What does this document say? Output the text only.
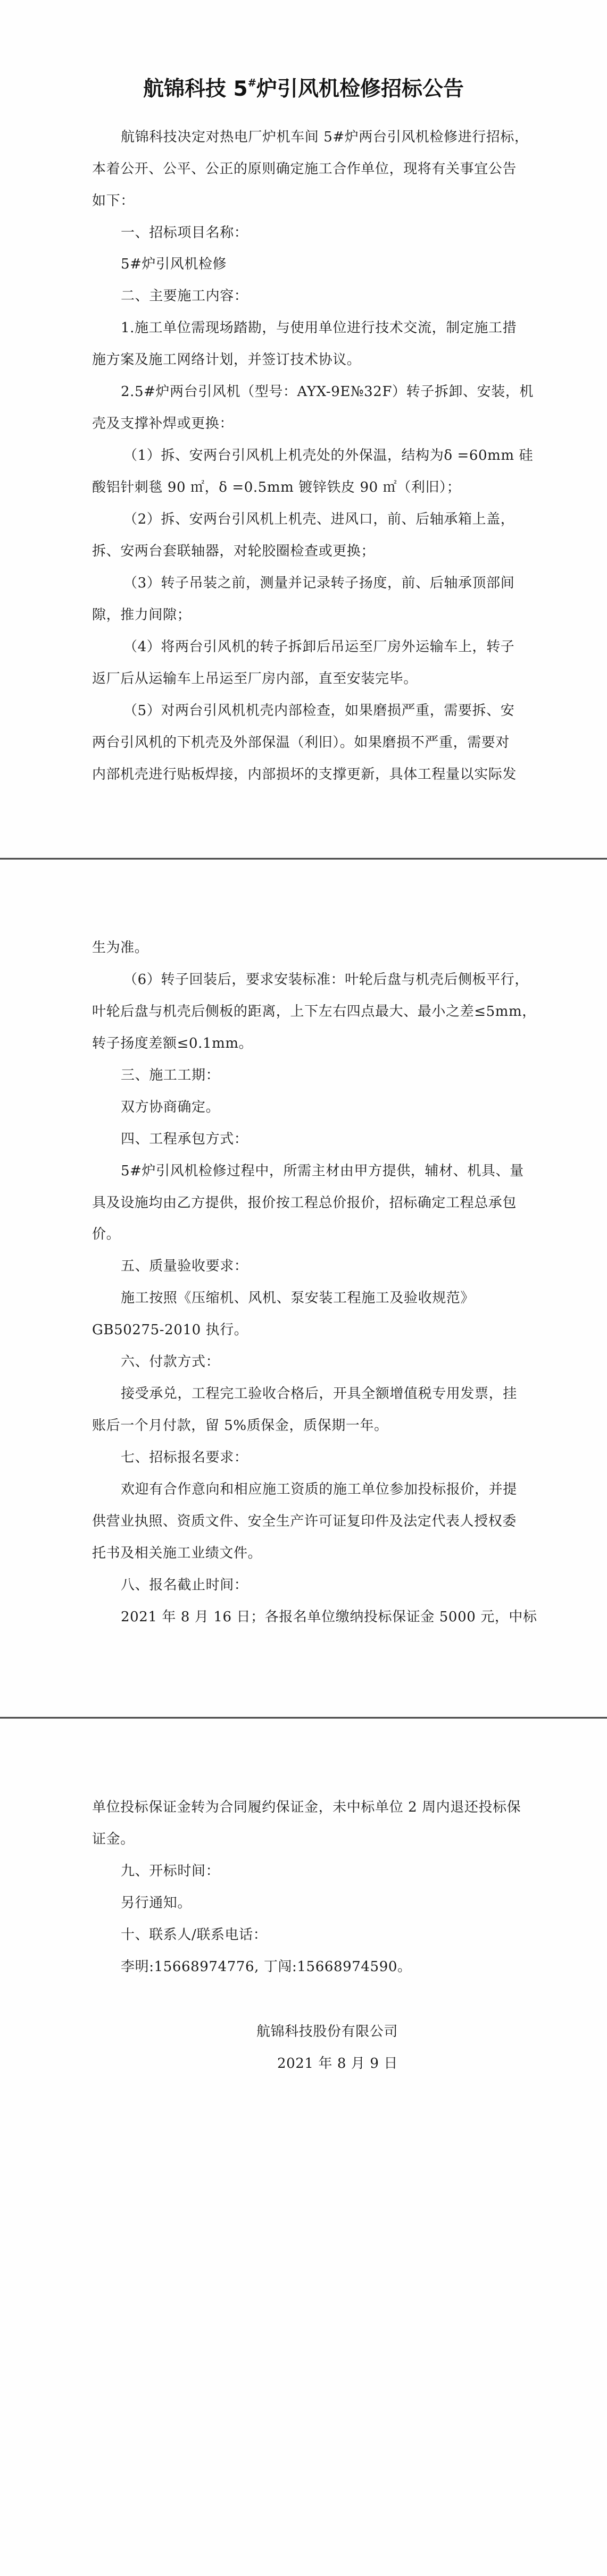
航锦科技 5#炉引风机检修招标公告
航锦科技决定对热电厂炉机车间 5#炉两台引风机检修进行招标，
本着公开、公平、公正的原则确定施工合作单位，现将有关事宜公告
如下：
一、招标项目名称：
5#炉引风机检修
二、主要施工内容：
1.施工单位需现场踏勘，与使用单位进行技术交流，制定施工措
施方案及施工网络计划，并签订技术协议。
2.5#炉两台引风机（型号：AYX-9E№32F）转子拆卸、安装，机
壳及支撑补焊或更换：
（1）拆、安两台引风机上机壳处的外保温，结构为δ =60mm 硅
酸铝针刺毯 90 ㎡，δ =0.5mm 镀锌铁皮 90 ㎡（利旧）；
（2）拆、安两台引风机上机壳、进风口，前、后轴承箱上盖，
拆、安两台套联轴器，对轮胶圈检查或更换；
（3）转子吊装之前，测量并记录转子扬度，前、后轴承顶部间
隙，推力间隙；
（4）将两台引风机的转子拆卸后吊运至厂房外运输车上，转子
返厂后从运输车上吊运至厂房内部，直至安装完毕。
（5）对两台引风机机壳内部检查，如果磨损严重，需要拆、安
两台引风机的下机壳及外部保温（利旧）。如果磨损不严重，需要对
内部机壳进行贴板焊接，内部损坏的支撑更新，具体工程量以实际发
生为准。
（6）转子回装后，要求安装标准：叶轮后盘与机壳后侧板平行，
叶轮后盘与机壳后侧板的距离，上下左右四点最大、最小之差≤5mm，
转子扬度差额≤0.1mm。
三、施工工期：
双方协商确定。
四、工程承包方式：
5#炉引风机检修过程中，所需主材由甲方提供，辅材、机具、量
具及设施均由乙方提供，报价按工程总价报价，招标确定工程总承包
价。
五、质量验收要求：
施工按照《压缩机、风机、泵安装工程施工及验收规范》
GB50275-2010 执行。
六、付款方式：
接受承兑，工程完工验收合格后，开具全额增值税专用发票，挂
账后一个月付款，留 5%质保金，质保期一年。
七、招标报名要求：
欢迎有合作意向和相应施工资质的施工单位参加投标报价，并提
供营业执照、资质文件、安全生产许可证复印件及法定代表人授权委
托书及相关施工业绩文件。
八、报名截止时间：
2021 年 8 月 16 日；各报名单位缴纳投标保证金 5000 元，中标
单位投标保证金转为合同履约保证金，未中标单位 2 周内退还投标保
证金。
九、开标时间：
另行通知。
十、联系人/联系电话：
李明:15668974776, 丁闯:15668974590。
航锦科技股份有限公司
2021 年 8 月 9 日
